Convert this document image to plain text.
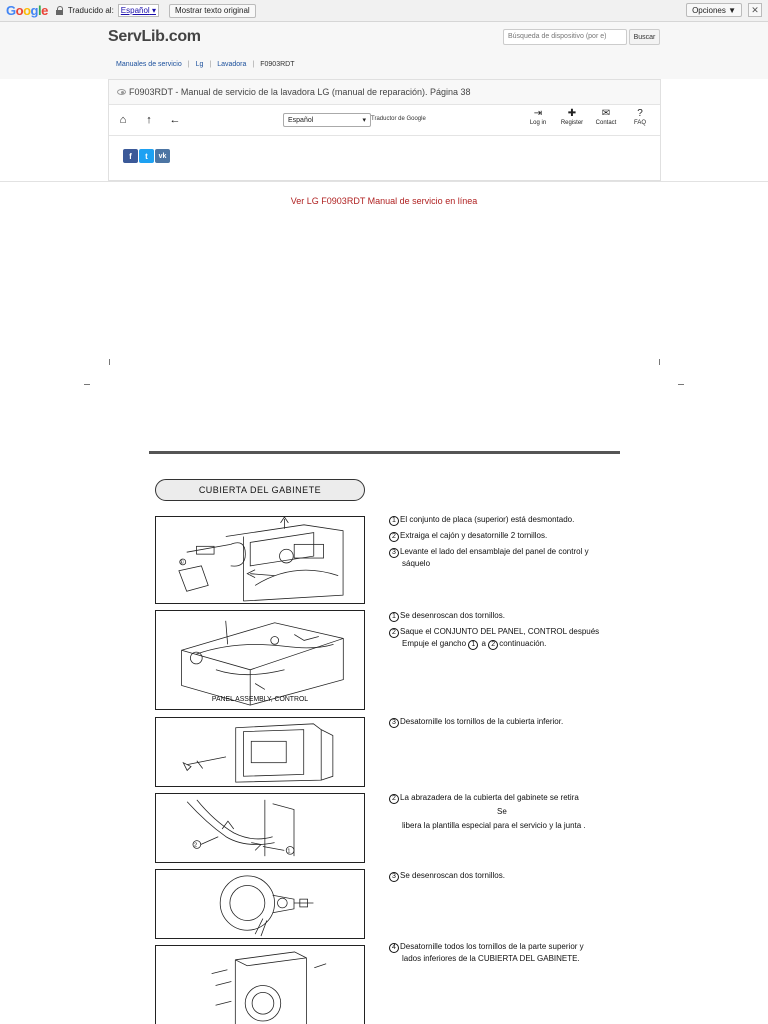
Google	Traducido al: Español
▾	Mostrar texto original	Opciones ▼	✕
ServLib.com	Búsqueda de dispositivo (por e)	Buscar
Manuales de servicio | Lg | Lavadora | F0903RDT
F0903RDT - Manual de servicio de la lavadora LG (manual de reparación). Página 38
⌂ ↑ ←	Español	▾ Traductor de Google	⇥
Log in
✚
Register
✉
Contact
?
FAQ
f	t	vk
Ver LG F0903RDT Manual de servicio en línea
CUBIERTA DEL GABINETE
①
1 El conjunto de placa (superior) está desmontado.
2 Extraiga el cajón y desatornille 2 tornillos.
3 Levante el lado del ensamblaje del panel de control y
sáquelo
PANEL ASSEMBLY, CONTROL
1 Se desenroscan dos tornillos.
2 Saque el CONJUNTO DEL PANEL, CONTROL después
Empuje el gancho 1 a 2 continuación.
3 Desatornille los tornillos de la cubierta inferior.
2
1
2 La abrazadera de la cubierta del gabinete se retira
Se
libera la plantilla especial para el servicio y la junta .
3 Se desenroscan dos tornillos.
4 Desatornille todos los tornillos de la parte superior y
lados inferiores de la CUBIERTA DEL GABINETE.
